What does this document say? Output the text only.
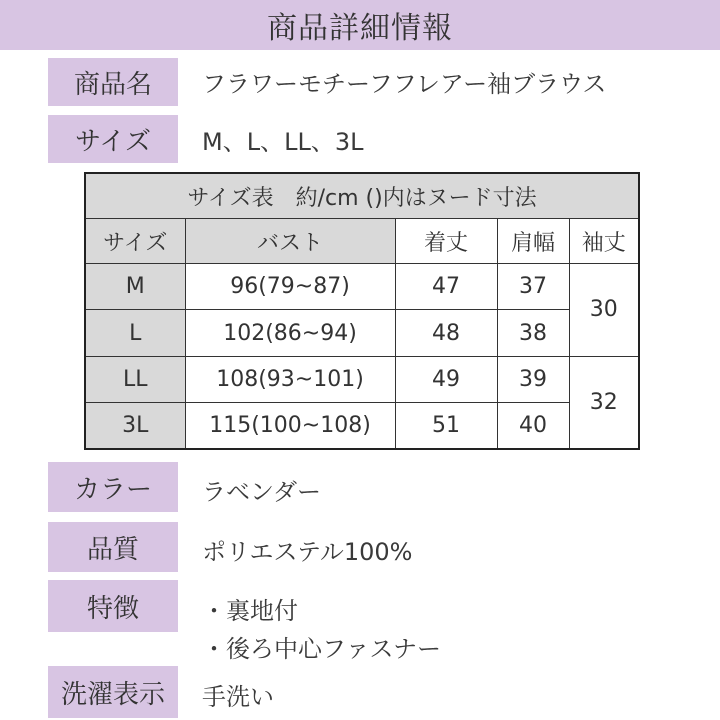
商品詳細情報
商品名	フラワーモチーフフレアー袖ブラウス
サイズ	M、L、LL、3L
サイズ表　約/cm ()内はヌード寸法				
サイズ	バスト	着丈	肩幅	袖丈
M	96(79~87)	47	37	30
L	102(86~94)	48	38	
LL	108(93~101)	49	39	32
3L	115(100~108)	51	40	
カラー	ラベンダー
品質	ポリエステル100%
特徴	・裏地付
・後ろ中心ファスナー
洗濯表示	手洗い
